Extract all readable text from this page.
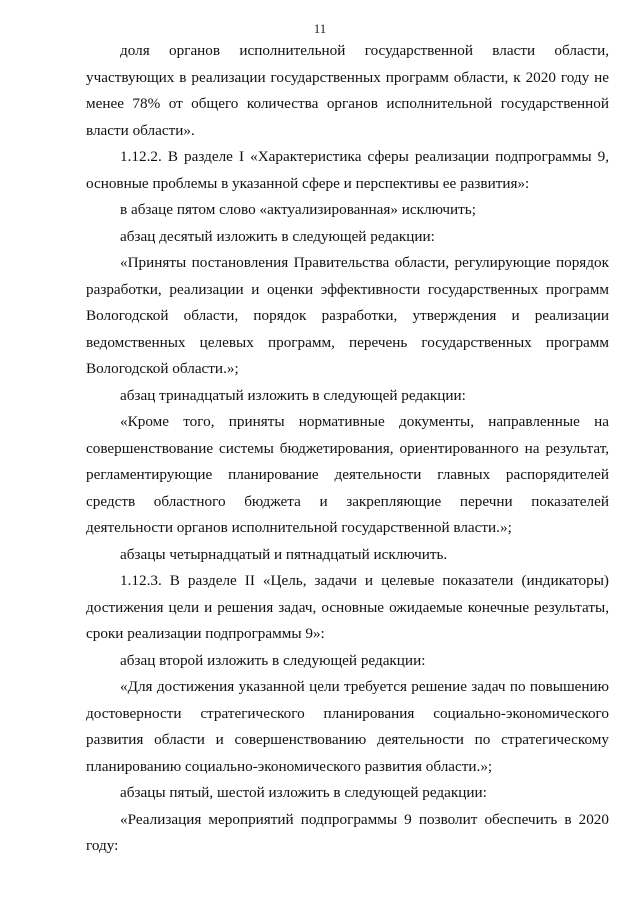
11

доля органов исполнительной государственной власти области, участвующих в реализации государственных программ области, к 2020 году не менее 78% от общего количества органов исполнительной государственной власти области».

1.12.2. В разделе I «Характеристика сферы реализации подпрограммы 9, основные проблемы в указанной сфере и перспективы ее развития»:

в абзаце пятом слово «актуализированная» исключить;

абзац десятый изложить в следующей редакции:

«Приняты постановления Правительства области, регулирующие порядок разработки, реализации и оценки эффективности государственных программ Вологодской области, порядок разработки, утверждения и реализации ведомственных целевых программ, перечень государственных программ Вологодской области.»;

абзац тринадцатый изложить в следующей редакции:

«Кроме того, приняты нормативные документы, направленные на совершенствование системы бюджетирования, ориентированного на результат, регламентирующие планирование деятельности главных распорядителей средств областного бюджета и закрепляющие перечни показателей деятельности органов исполнительной государственной власти.»;

абзацы четырнадцатый и пятнадцатый исключить.

1.12.3. В разделе II «Цель, задачи и целевые показатели (индикаторы) достижения цели и решения задач, основные ожидаемые конечные результаты, сроки реализации подпрограммы 9»:

абзац второй изложить в следующей редакции:

«Для достижения указанной цели требуется решение задач по повышению достоверности стратегического планирования социально-экономического развития области и совершенствованию деятельности по стратегическому планированию социально-экономического развития области.»;

абзацы пятый, шестой изложить в следующей редакции:

«Реализация мероприятий подпрограммы 9 позволит обеспечить в 2020 году:
